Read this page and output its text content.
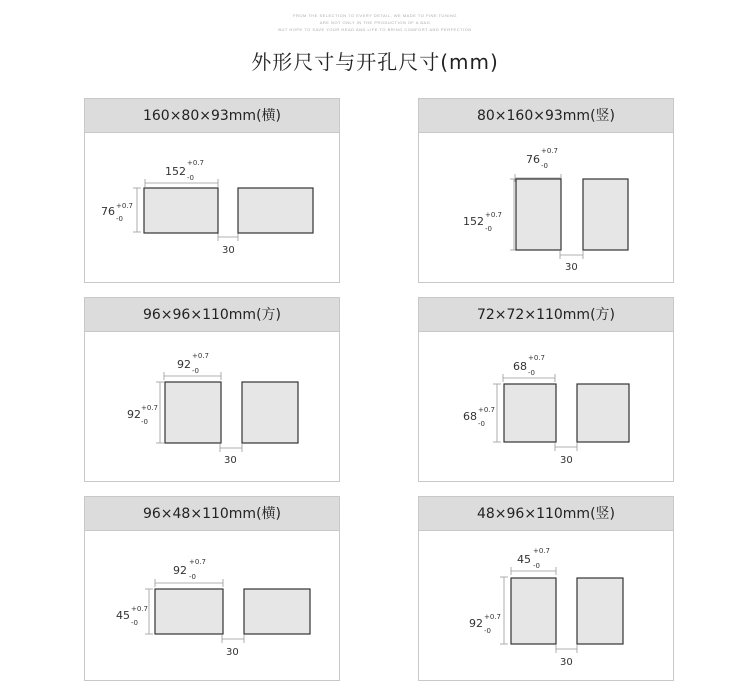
FROM THE SELECTION TO EVERY DETAIL, WE MADE TO FINE TUNING
ARE NOT ONLY IN THE PRODUCTION OF A BAG
BUT HOPE TO SAVE YOUR HEAD AND LIFE TO BRING COMFORT AND PERFECTION
外形尺寸与开孔尺寸(mm)
160×80×93mm(横)
152
+0.7
-0
76 +0.7
-0
30
80×160×93mm(竖)
76
+0.7
-0
152 +0.7
-0
30
96×96×110mm(方)
92
+0.7
-0
92 +0.7
-0
30
72×72×110mm(方)
68
+0.7
-0
68 +0.7
-0
30
96×48×110mm(横)
92
+0.7
-0
45 +0.7
-0
30
48×96×110mm(竖)
45
+0.7
-0
92 +0.7
-0
30
